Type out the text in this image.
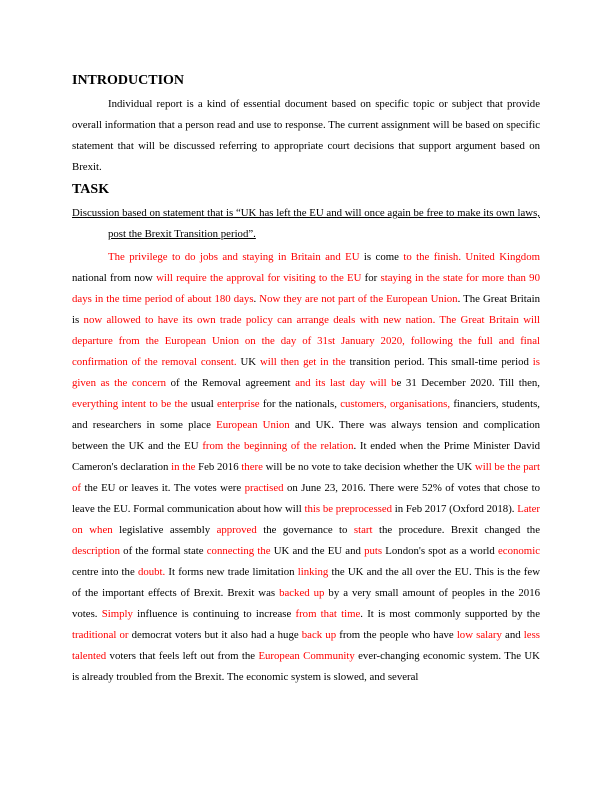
INTRODUCTION

Individual report is a kind of essential document based on specific topic or subject that provide overall information that a person read and use to response. The current assignment will be based on specific statement that will be discussed referring to appropriate court decisions that support argument based on Brexit.

TASK
Discussion based on statement that is “UK has left the EU and will once again be free to make its own laws, post the Brexit Transition period”.

The privilege to do jobs and staying in Britain and EU is come to the finish. United Kingdom national from now will require the approval for visiting to the EU for staying in the state for more than 90 days in the time period of about 180 days. Now they are not part of the European Union. The Great Britain is now allowed to have its own trade policy can arrange deals with new nation. The Great Britain will departure from the European Union on the day of 31st January 2020, following the full and final confirmation of the removal consent. UK will then get in the transition period. This small-time period is given as the concern of the Removal agreement and its last day will be 31 December 2020. Till then, everything intent to be the usual enterprise for the nationals, customers, organisations, financiers, students, and researchers in some place European Union and UK. There was always tension and complication between the UK and the EU from the beginning of the relation. It ended when the Prime Minister David Cameron's declaration in the Feb 2016 there will be no vote to take decision whether the UK will be the part of the EU or leaves it. The votes were practised on June 23, 2016. There were 52% of votes that chose to leave the EU. Formal communication about how will this be preprocessed in Feb 2017 (Oxford 2018). Later on when legislative assembly approved the governance to start the procedure. Brexit changed the description of the formal state connecting the UK and the EU and puts London's spot as a world economic centre into the doubt. It forms new trade limitation linking the UK and the all over the EU. This is the few of the important effects of Brexit. Brexit was backed up by a very small amount of peoples in the 2016 votes. Simply influence is continuing to increase from that time. It is most commonly supported by the traditional or democrat voters but it also had a huge back up from the people who have low salary and less talented voters that feels left out from the European Community ever-changing economic system. The UK is already troubled from the Brexit. The economic system is slowed, and several
